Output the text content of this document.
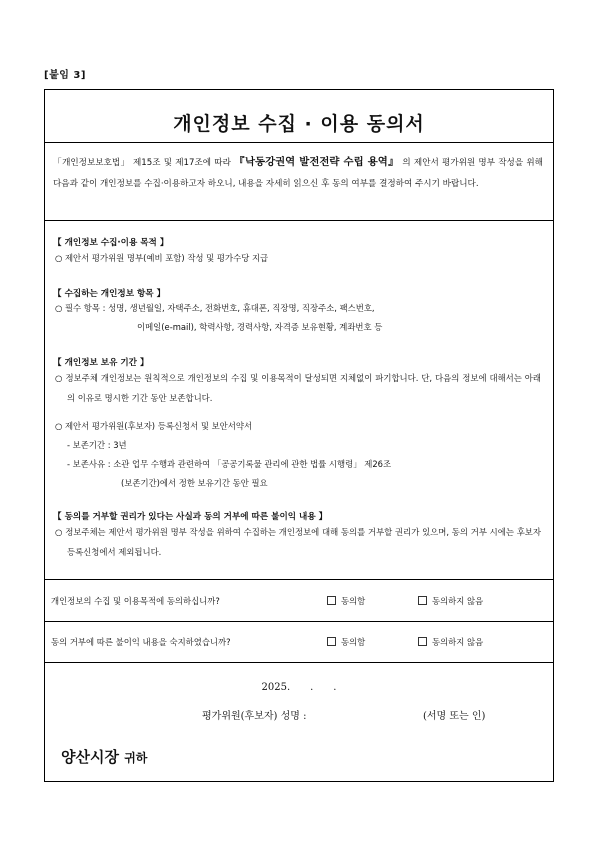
[붙임 3]
개인정보 수집 · 이용 동의서
「개인정보보호법」 제15조 및 제17조에 따라 『낙동강권역 발전전략 수립 용역』 의 제안서 평가위원 명부 작성을 위해 다음과 같이 개인정보를 수집·이용하고자 하오니, 내용을 자세히 읽으신 후 동의 여부를 결정하여 주시기 바랍니다.
【 개인정보 수집·이용 목적 】
○ 제안서 평가위원 명부(예비 포함) 작성 및 평가수당 지급
【 수집하는 개인정보 항목 】
○ 필수 항목 : 성명, 생년월일, 자택주소, 전화번호, 휴대폰, 직장명, 직장주소, 팩스번호,
이메일(e-mail), 학력사항, 경력사항, 자격증 보유현황, 계좌번호 등
【 개인정보 보유 기간 】
○ 정보주체 개인정보는 원칙적으로 개인정보의 수집 및 이용목적이 달성되면 지체없이 파기합니다. 단, 다음의 정보에 대해서는 아래의 이유로 명시한 기간 동안 보존합니다.
○ 제안서 평가위원(후보자) 등록신청서 및 보안서약서
- 보존기간 : 3년
- 보존사유 : 소관 업무 수행과 관련하여 「공공기록물 관리에 관한 법률 시행령」 제26조
(보존기간)에서 정한 보유기간 동안 필요
【 동의를 거부할 권리가 있다는 사실과 동의 거부에 따른 불이익 내용 】
○ 정보주체는 제안서 평가위원 명부 작성을 위하여 수집하는 개인정보에 대해 동의를 거부할 권리가 있으며, 동의 거부 시에는 후보자 등록신청에서 제외됩니다.
개인정보의 수집 및 이용목적에 동의하십니까?	동의함	동의하지 않음
동의 거부에 따른 불이익 내용을 숙지하였습니까?	동의함	동의하지 않음
2025.　　.　　.
평가위원(후보자) 성명 :	(서명 또는 인)
양산시장 귀하
